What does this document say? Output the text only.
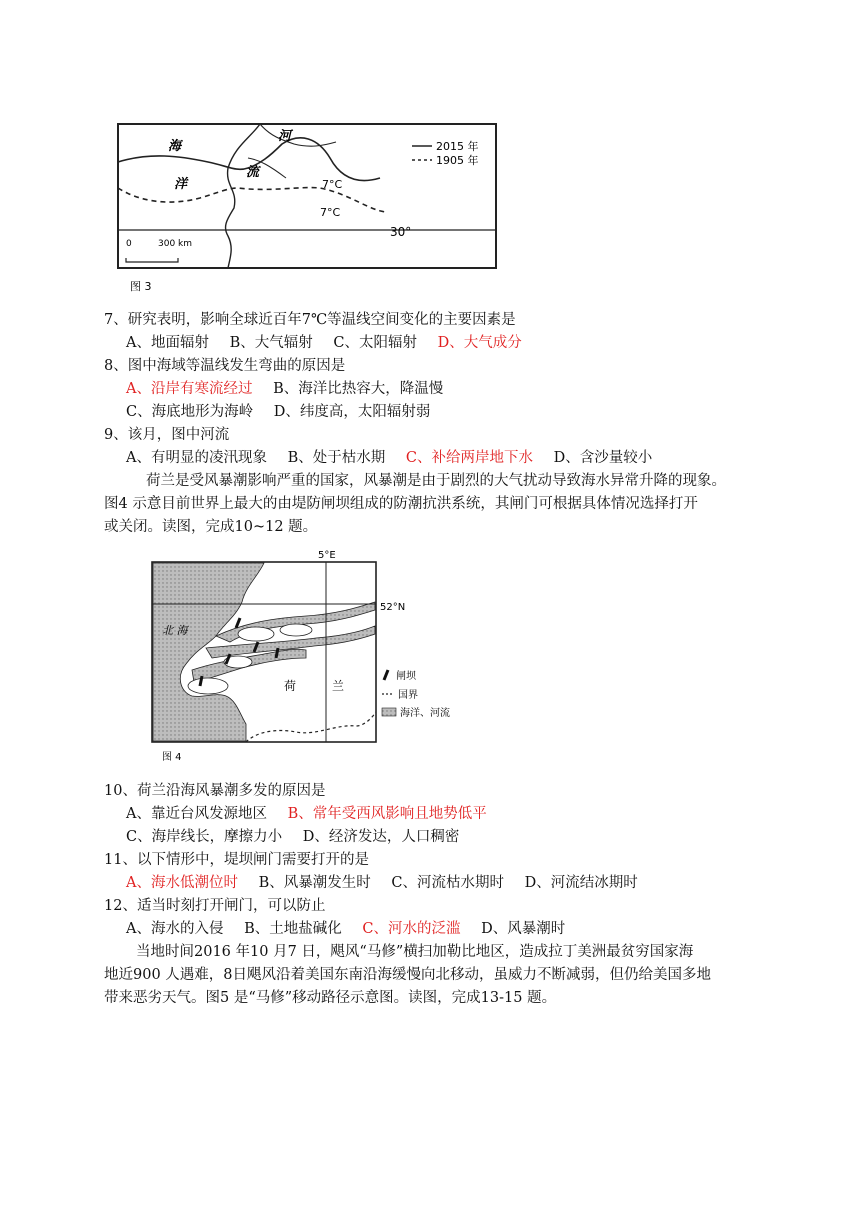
海
洋
河
流
7°C
7°C
30°
0	300 km
2015 年
1905 年
图 3
7、研究表明，影响全球近百年7℃等温线空间变化的主要因素是
A、地面辐射 B、大气辐射 C、太阳辐射 D、大气成分
8、图中海域等温线发生弯曲的原因是
A、沿岸有寒流经过 B、海洋比热容大，降温慢
C、海底地形为海岭 D、纬度高，太阳辐射弱
9、该月，图中河流
A、有明显的凌汛现象 B、处于枯水期 C、补给两岸地下水 D、含沙量较小
荷兰是受风暴潮影响严重的国家，风暴潮是由于剧烈的大气扰动导致海水异常升降的现象。
图4 示意目前世界上最大的由堤防闸坝组成的防潮抗洪系统，其闸门可根据具体情况选择打开
或关闭。读图，完成10~12 题。
5°E
52°N
北 海
荷	兰
闸坝
国界
海洋、河流
图 4
10、荷兰沿海风暴潮多发的原因是
A、靠近台风发源地区 B、常年受西风影响且地势低平
C、海岸线长，摩擦力小 D、经济发达，人口稠密
11、以下情形中，堤坝闸门需要打开的是
A、海水低潮位时 B、风暴潮发生时 C、河流枯水期时 D、河流结冰期时
12、适当时刻打开闸门，可以防止
A、海水的入侵 B、土地盐碱化 C、河水的泛滥 D、风暴潮时
当地时间2016 年10 月7 日，飓风“马修”横扫加勒比地区，造成拉丁美洲最贫穷国家海
地近900 人遇难，8日飓风沿着美国东南沿海缓慢向北移动，虽威力不断减弱，但仍给美国多地
带来恶劣天气。图5 是“马修”移动路径示意图。读图，完成13-15 题。
